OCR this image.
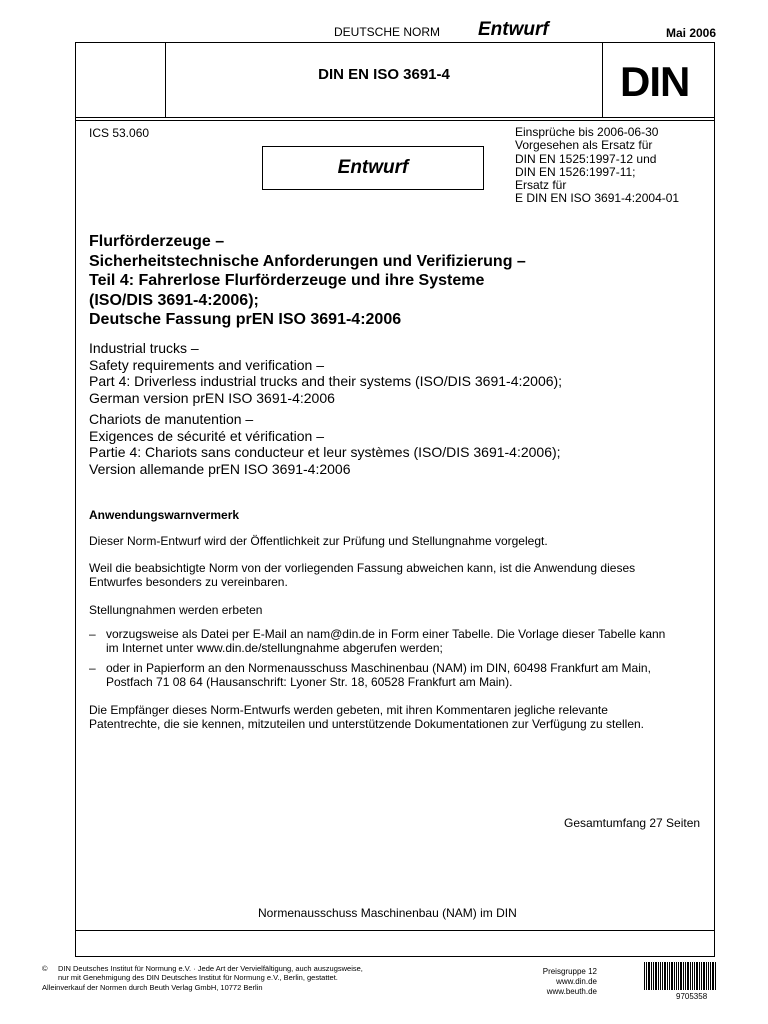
DEUTSCHE NORM Entwurf	Mai 2006
DIN EN ISO 3691-4	DIN
ICS 53.060
Entwurf
Einsprüche bis 2006-06-30
Vorgesehen als Ersatz für
DIN EN 1525:1997-12 und
DIN EN 1526:1997-11;
Ersatz für
E DIN EN ISO 3691-4:2004-01
Flurförderzeuge –
Sicherheitstechnische Anforderungen und Verifizierung –
Teil 4: Fahrerlose Flurförderzeuge und ihre Systeme
(ISO/DIS 3691-4:2006);
Deutsche Fassung prEN ISO 3691-4:2006
Industrial trucks –
Safety requirements and verification –
Part 4: Driverless industrial trucks and their systems (ISO/DIS 3691-4:2006);
German version prEN ISO 3691-4:2006
Chariots de manutention –
Exigences de sécurité et vérification –
Partie 4: Chariots sans conducteur et leur systèmes (ISO/DIS 3691-4:2006);
Version allemande prEN ISO 3691-4:2006
Anwendungswarnvermerk
Dieser Norm-Entwurf wird der Öffentlichkeit zur Prüfung und Stellungnahme vorgelegt.
Weil die beabsichtigte Norm von der vorliegenden Fassung abweichen kann, ist die Anwendung dieses
Entwurfes besonders zu vereinbaren.
Stellungnahmen werden erbeten
– vorzugsweise als Datei per E-Mail an nam@din.de in Form einer Tabelle. Die Vorlage dieser Tabelle kann
im Internet unter www.din.de/stellungnahme abgerufen werden;
– oder in Papierform an den Normenausschuss Maschinenbau (NAM) im DIN, 60498 Frankfurt am Main,
Postfach 71 08 64 (Hausanschrift: Lyoner Str. 18, 60528 Frankfurt am Main).
Die Empfänger dieses Norm-Entwurfs werden gebeten, mit ihren Kommentaren jegliche relevante
Patentrechte, die sie kennen, mitzuteilen und unterstützende Dokumentationen zur Verfügung zu stellen.
Gesamtumfang 27 Seiten
Normenausschuss Maschinenbau (NAM) im DIN
© DIN Deutsches Institut für Normung e.V. · Jede Art der Vervielfältigung, auch auszugsweise,
nur mit Genehmigung des DIN Deutsches Institut für Normung e.V., Berlin, gestattet.
Alleinverkauf der Normen durch Beuth Verlag GmbH, 10772 Berlin
Preisgruppe 12
www.din.de
www.beuth.de
9705358
